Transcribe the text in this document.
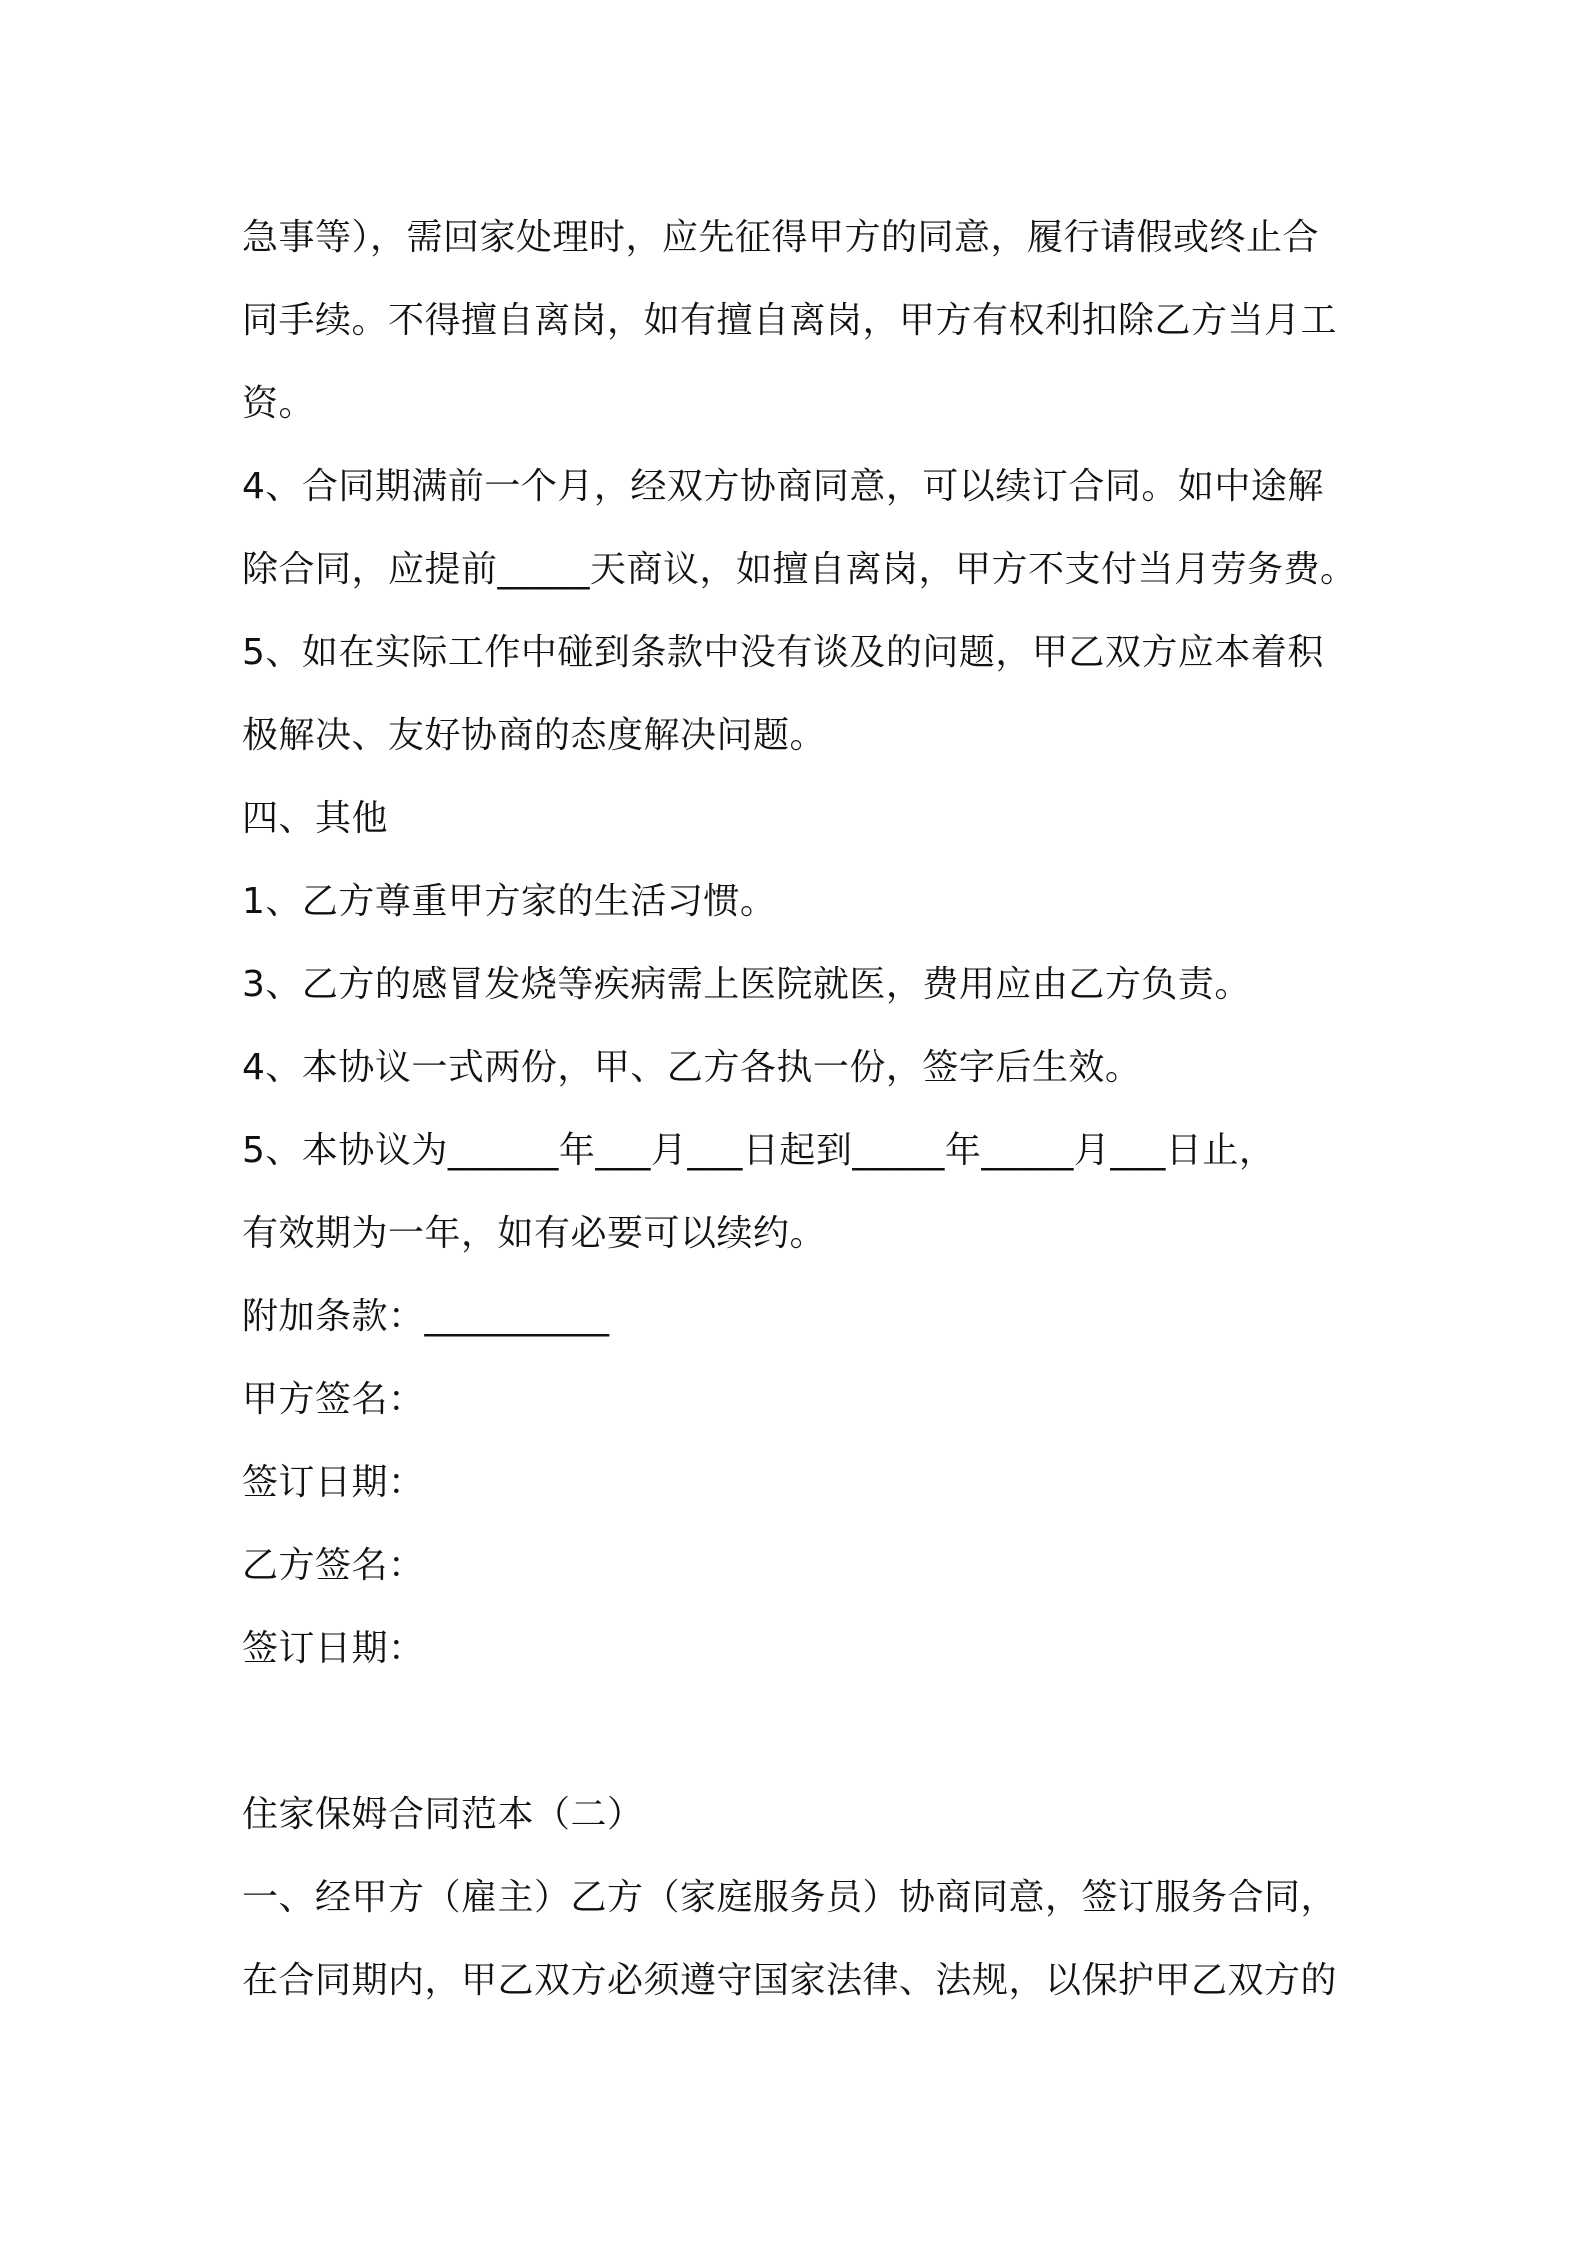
急事等），需回家处理时，应先征得甲方的同意，履行请假或终止合
同手续。不得擅自离岗，如有擅自离岗，甲方有权利扣除乙方当月工
资。
4、合同期满前一个月，经双方协商同意，可以续订合同。如中途解
除合同，应提前_____天商议，如擅自离岗，甲方不支付当月劳务费。
5、如在实际工作中碰到条款中没有谈及的问题，甲乙双方应本着积
极解决、友好协商的态度解决问题。
四、其他
1、乙方尊重甲方家的生活习惯。
3、乙方的感冒发烧等疾病需上医院就医，费用应由乙方负责。
4、本协议一式两份，甲、乙方各执一份，签字后生效。
5、本协议为______年___月___日起到_____年_____月___日止，
有效期为一年，如有必要可以续约。
附加条款：__________
甲方签名：
签订日期：
乙方签名：
签订日期：
住家保姆合同范本（二）
一、经甲方（雇主）乙方（家庭服务员）协商同意，签订服务合同，
在合同期内，甲乙双方必须遵守国家法律、法规，以保护甲乙双方的
